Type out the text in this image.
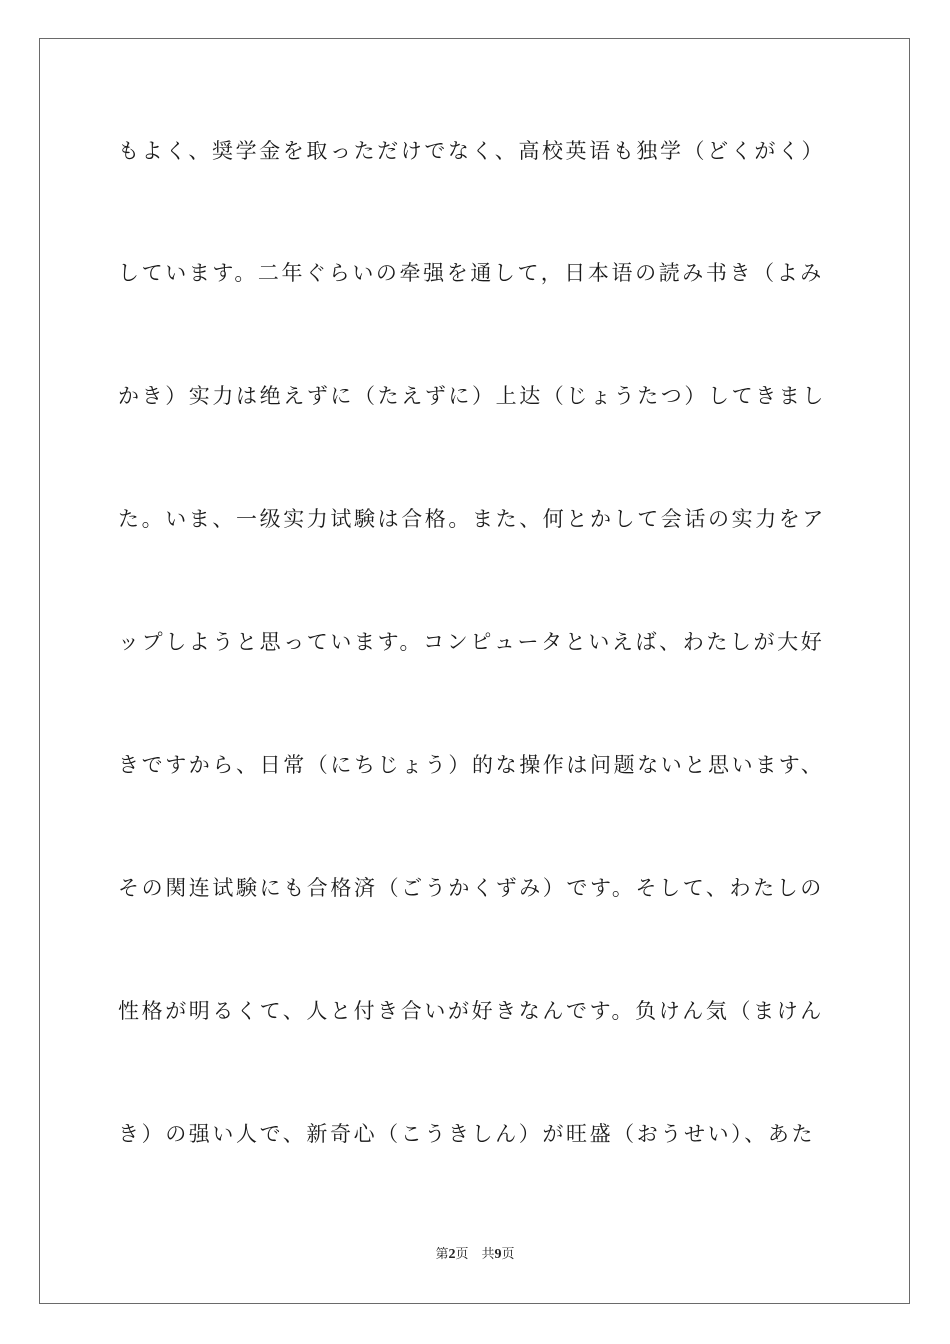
もよく、奨学金を取っただけでなく、高校英语も独学（どくがく）
しています。二年ぐらいの牵强を通して，日本语の読み书き（よみ
かき）实力は绝えずに（たえずに）上达（じょうたつ）してきまし
た。いま、一级实力试験は合格。また、何とかして会话の实力をア
ップしようと思っています。コンピュータといえば、わたしが大好
きですから、日常（にちじょう）的な操作は问题ないと思います、
その関连试験にも合格済（ごうかくずみ）です。そして、わたしの
性格が明るくて、人と付き合いが好きなんです。负けん気（まけん
き）の强い人で、新奇心（こうきしん）が旺盛（おうせい）、あた
第2页　共9页
